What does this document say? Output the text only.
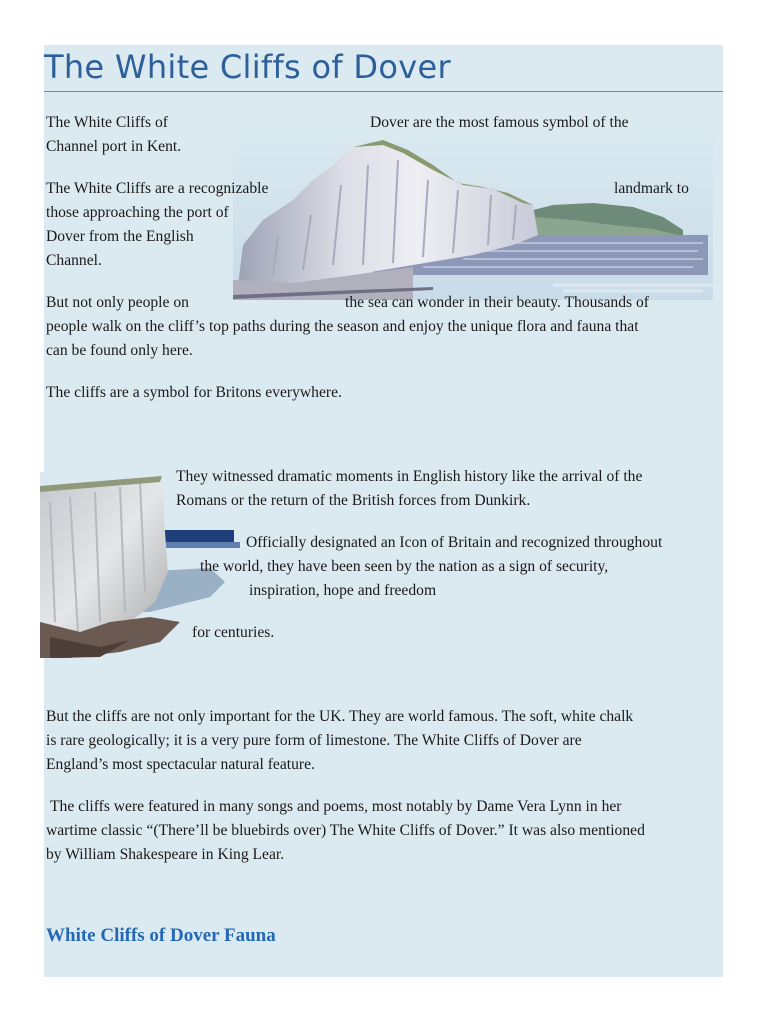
The White Cliffs of Dover
The White Cliffs of	Dover are the most famous symbol of the
Channel port in Kent.
The White Cliffs are a recognizable	landmark to
those approaching the port of
Dover from the English
Channel.
But not only people on	the sea can wonder in their beauty. Thousands of
people walk on the cliff’s top paths during the season and enjoy the unique flora and fauna that
can be found only here.
The cliffs are a symbol for Britons everywhere.
They witnessed dramatic moments in English history like the arrival of the
Romans or the return of the British forces from Dunkirk.
Officially designated an Icon of Britain and recognized throughout
the world, they have been seen by the nation as a sign of security,
inspiration, hope and freedom
for centuries.
But the cliffs are not only important for the UK. They are world famous. The soft, white chalk
is rare geologically; it is a very pure form of limestone. The White Cliffs of Dover are
England’s most spectacular natural feature.
The cliffs were featured in many songs and poems, most notably by Dame Vera Lynn in her
wartime classic “(There’ll be bluebirds over) The White Cliffs of Dover.” It was also mentioned
by William Shakespeare in King Lear.
White Cliffs of Dover Fauna
